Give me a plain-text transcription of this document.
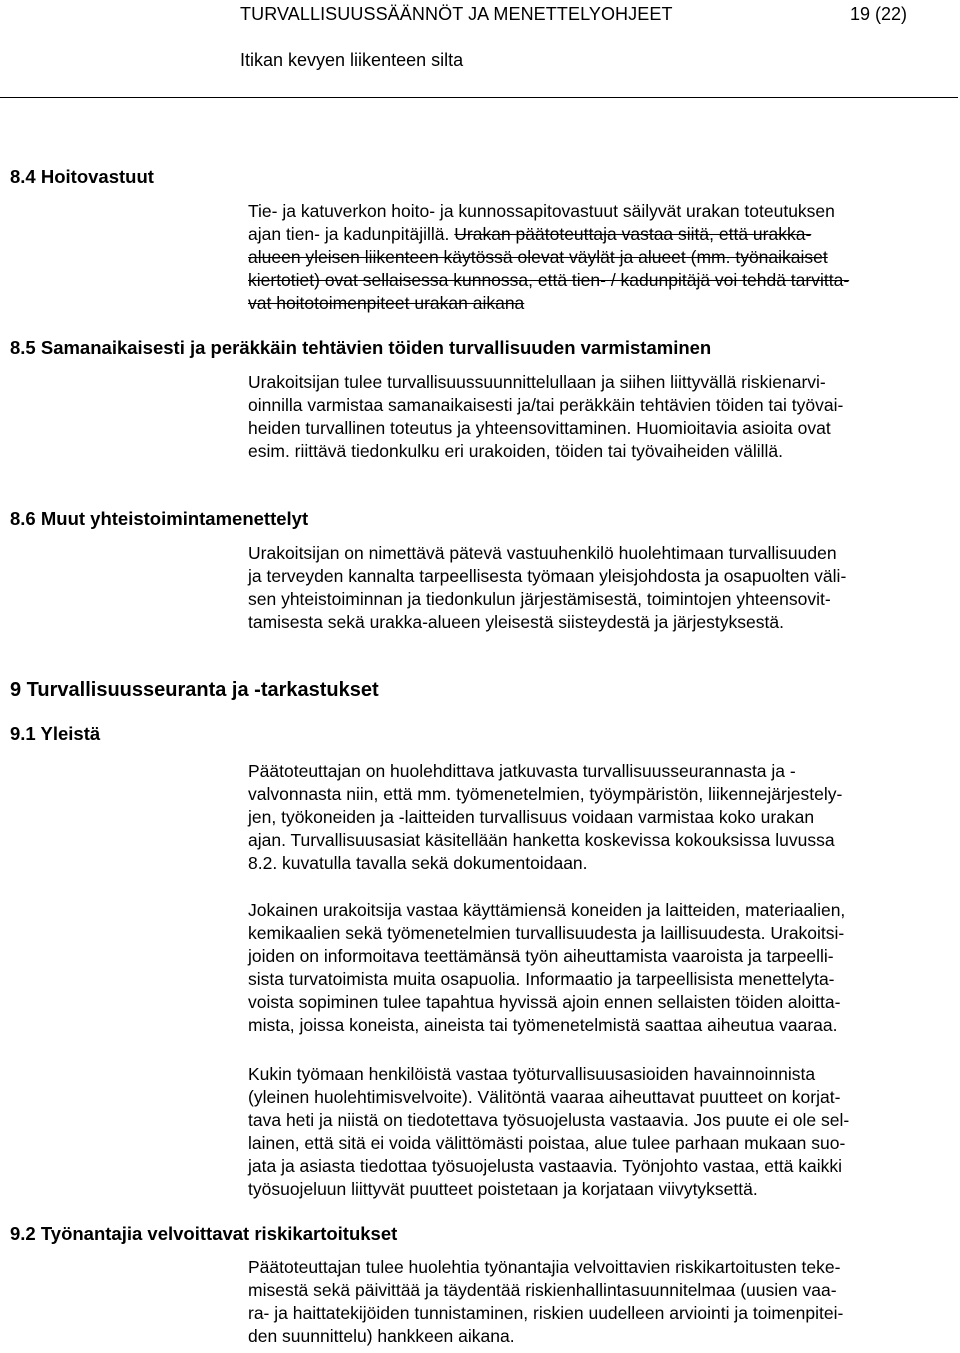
TURVALLISUUSSÄÄNNÖT JA MENETTELYOHJEET	19 (22)
Itikan kevyen liikenteen silta
8.4 Hoitovastuut
Tie- ja katuverkon hoito- ja kunnossapitovastuut säilyvät urakan toteutuksen
ajan tien- ja kadunpitäjillä. Urakan päätoteuttaja vastaa siitä, että urakka-
alueen yleisen liikenteen käytössä olevat väylät ja alueet (mm. työnaikaiset
kiertotiet) ovat sellaisessa kunnossa, että tien- / kadunpitäjä voi tehdä tarvitta-
vat hoitotoimenpiteet urakan aikana
8.5 Samanaikaisesti ja peräkkäin tehtävien töiden turvallisuuden varmistaminen
Urakoitsijan tulee turvallisuussuunnittelullaan ja siihen liittyvällä riskienarvi-
oinnilla varmistaa samanaikaisesti ja/tai peräkkäin tehtävien töiden tai työvai-
heiden turvallinen toteutus ja yhteensovittaminen. Huomioitavia asioita ovat
esim. riittävä tiedonkulku eri urakoiden, töiden tai työvaiheiden välillä.
8.6 Muut yhteistoimintamenettelyt
Urakoitsijan on nimettävä pätevä vastuuhenkilö huolehtimaan turvallisuuden
ja terveyden kannalta tarpeellisesta työmaan yleisjohdosta ja osapuolten väli-
sen yhteistoiminnan ja tiedonkulun järjestämisestä, toimintojen yhteensovit-
tamisesta sekä urakka-alueen yleisestä siisteydestä ja järjestyksestä.
9 Turvallisuusseuranta ja -tarkastukset
9.1 Yleistä
Päätoteuttajan on huolehdittava jatkuvasta turvallisuusseurannasta ja -
valvonnasta niin, että mm. työmenetelmien, työympäristön, liikennejärjestely-
jen, työkoneiden ja -laitteiden turvallisuus voidaan varmistaa koko urakan
ajan. Turvallisuusasiat käsitellään hanketta koskevissa kokouksissa luvussa
8.2. kuvatulla tavalla sekä dokumentoidaan.
Jokainen urakoitsija vastaa käyttämiensä koneiden ja laitteiden, materiaalien,
kemikaalien sekä työmenetelmien turvallisuudesta ja laillisuudesta. Urakoitsi-
joiden on informoitava teettämänsä työn aiheuttamista vaaroista ja tarpeelli-
sista turvatoimista muita osapuolia. Informaatio ja tarpeellisista menettelyta-
voista sopiminen tulee tapahtua hyvissä ajoin ennen sellaisten töiden aloitta-
mista, joissa koneista, aineista tai työmenetelmistä saattaa aiheutua vaaraa.
Kukin työmaan henkilöistä vastaa työturvallisuusasioiden havainnoinnista
(yleinen huolehtimisvelvoite). Välitöntä vaaraa aiheuttavat puutteet on korjat-
tava heti ja niistä on tiedotettava työsuojelusta vastaavia. Jos puute ei ole sel-
lainen, että sitä ei voida välittömästi poistaa, alue tulee parhaan mukaan suo-
jata ja asiasta tiedottaa työsuojelusta vastaavia. Työnjohto vastaa, että kaikki
työsuojeluun liittyvät puutteet poistetaan ja korjataan viivytyksettä.
9.2 Työnantajia velvoittavat riskikartoitukset
Päätoteuttajan tulee huolehtia työnantajia velvoittavien riskikartoitusten teke-
misestä sekä päivittää ja täydentää riskienhallintasuunnitelmaa (uusien vaa-
ra- ja haittatekijöiden tunnistaminen, riskien uudelleen arviointi ja toimenpitei-
den suunnittelu) hankkeen aikana.
